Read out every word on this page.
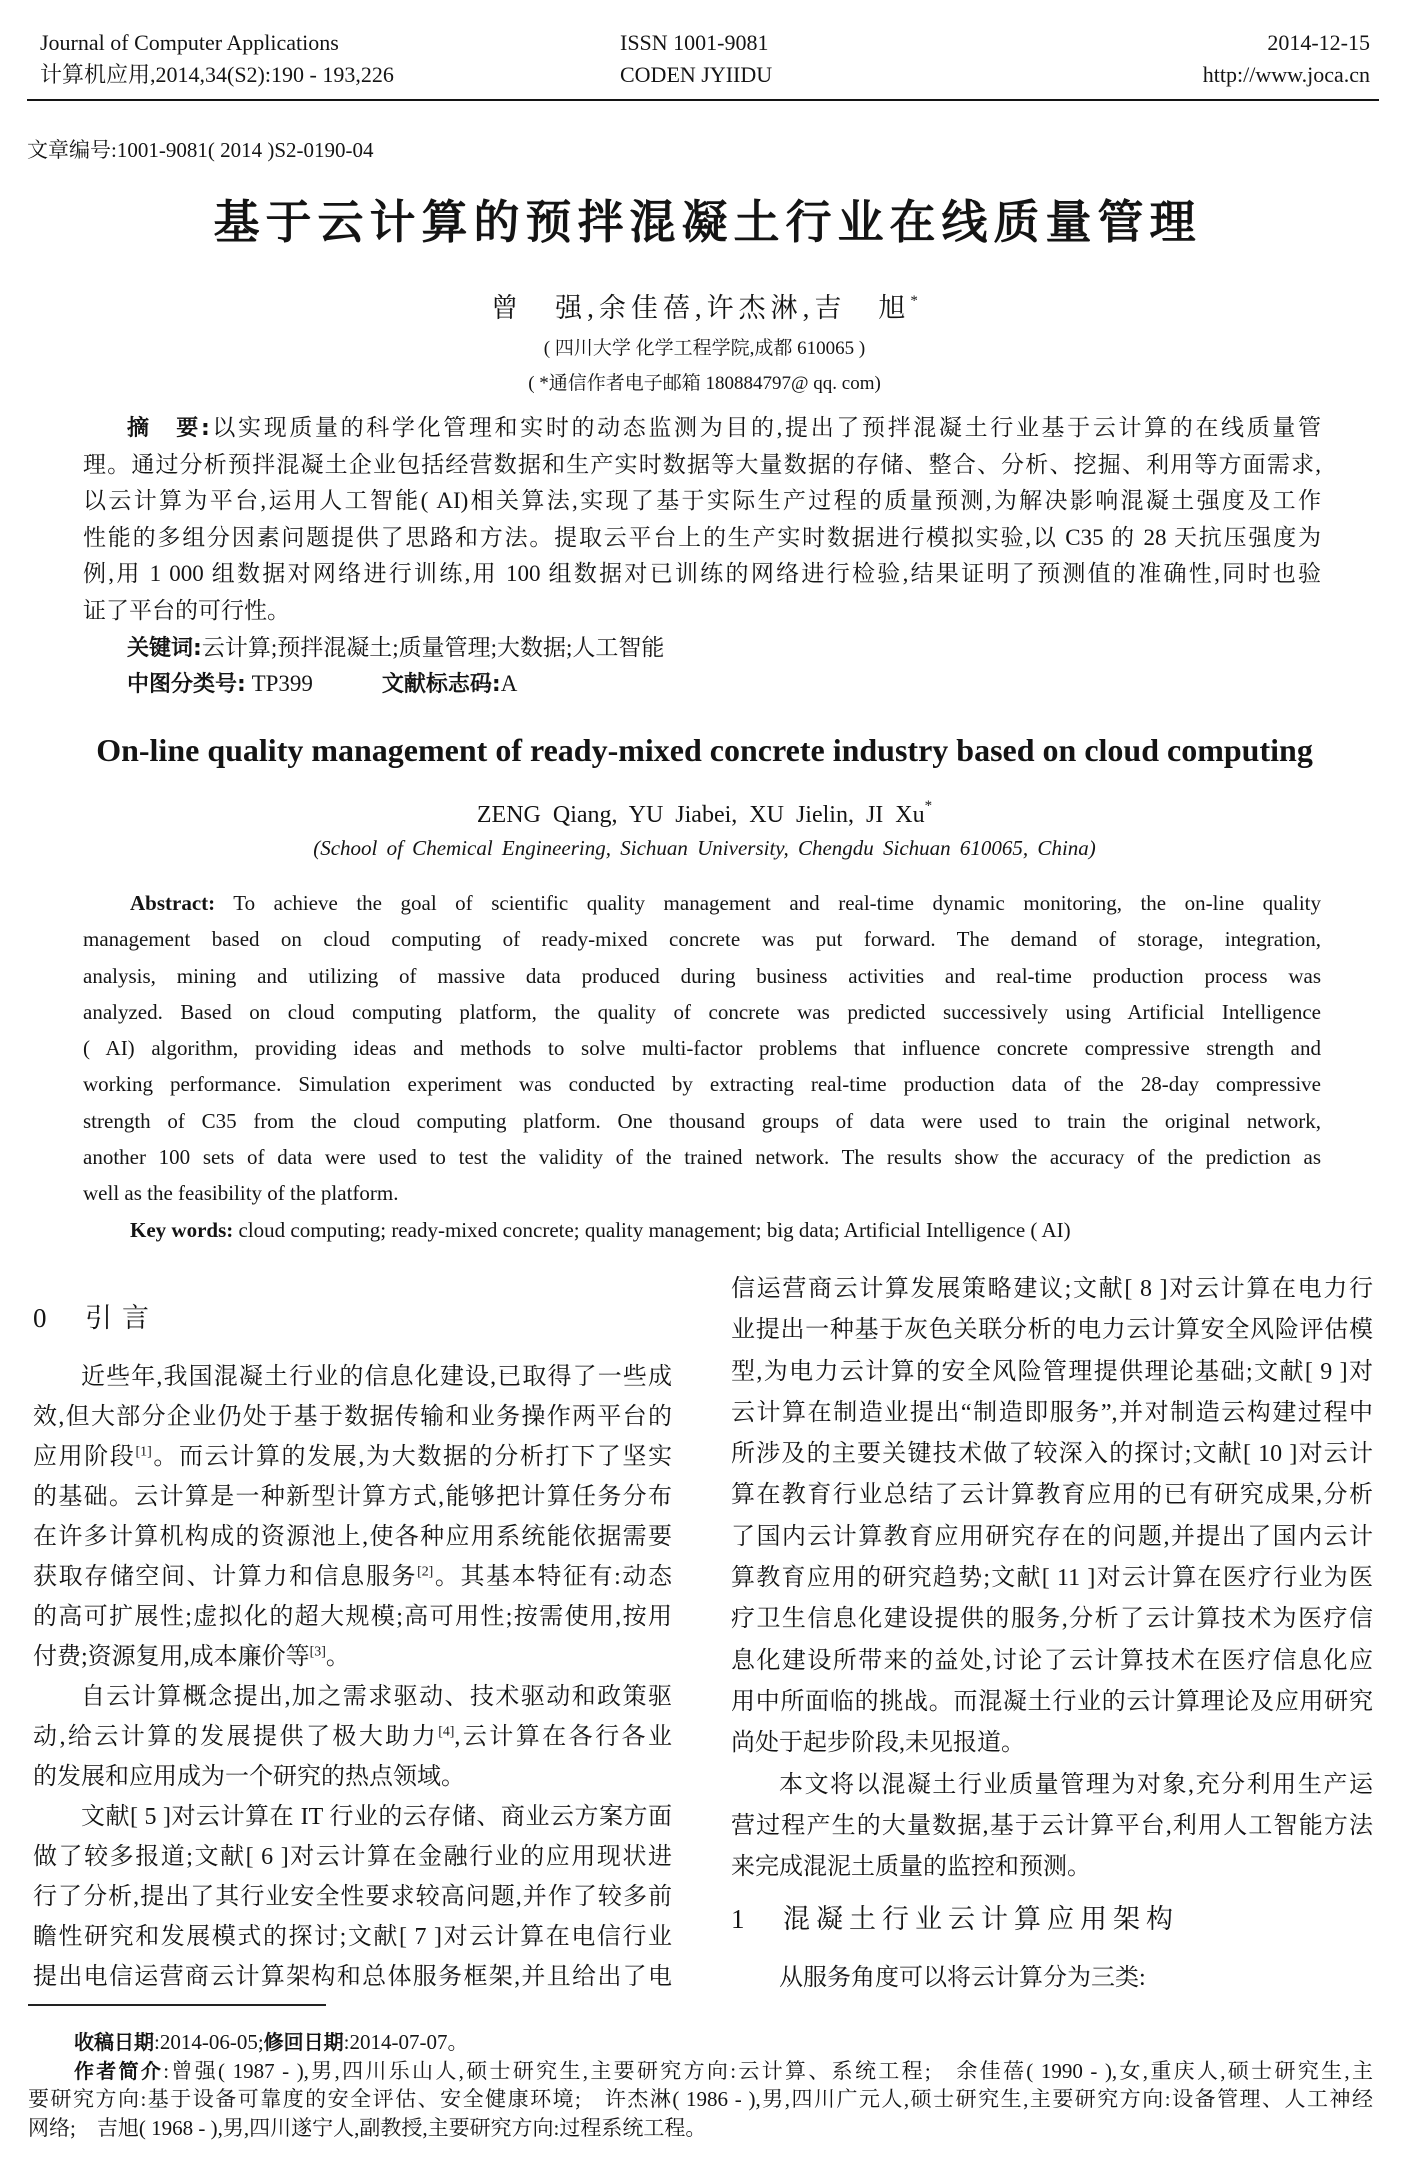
Journal of Computer Applications	ISSN 1001-9081	2014-12-15
计算机应用,2014,34(S2):190 - 193,226	CODEN JYIIDU	http://www.joca.cn
文章编号:1001-9081( 2014 )S2-0190-04
基于云计算的预拌混凝土行业在线质量管理
曾　强,余佳蓓,许杰淋,吉　旭*
( 四川大学 化学工程学院,成都 610065 )
( *通信作者电子邮箱 180884797@ qq. com)
摘　要:以实现质量的科学化管理和实时的动态监测为目的,提出了预拌混凝土行业基于云计算的在线质量管
理。通过分析预拌混凝土企业包括经营数据和生产实时数据等大量数据的存储、整合、分析、挖掘、利用等方面需求,
以云计算为平台,运用人工智能( AI)相关算法,实现了基于实际生产过程的质量预测,为解决影响混凝土强度及工作
性能的多组分因素问题提供了思路和方法。提取云平台上的生产实时数据进行模拟实验,以 C35 的 28 天抗压强度为
例,用 1 000 组数据对网络进行训练,用 100 组数据对已训练的网络进行检验,结果证明了预测值的准确性,同时也验
证了平台的可行性。
关键词:云计算;预拌混凝土;质量管理;大数据;人工智能
中图分类号: TP399　　　文献标志码:A
On-line quality management of ready-mixed concrete industry based on cloud computing
ZENG Qiang, YU Jiabei, XU Jielin, JI Xu*
(School of Chemical Engineering, Sichuan University, Chengdu Sichuan 610065, China)
Abstract: To achieve the goal of scientific quality management and real-time dynamic monitoring, the on-line quality
management based on cloud computing of ready-mixed concrete was put forward. The demand of storage, integration,
analysis, mining and utilizing of massive data produced during business activities and real-time production process was
analyzed. Based on cloud computing platform, the quality of concrete was predicted successively using Artificial Intelligence
( AI) algorithm, providing ideas and methods to solve multi-factor problems that influence concrete compressive strength and
working performance. Simulation experiment was conducted by extracting real-time production data of the 28-day compressive
strength of C35 from the cloud computing platform. One thousand groups of data were used to train the original network,
another 100 sets of data were used to test the validity of the trained network. The results show the accuracy of the prediction as
well as the feasibility of the platform.
Key words: cloud computing; ready-mixed concrete; quality management; big data; Artificial Intelligence ( AI)
0 引言
近些年,我国混凝土行业的信息化建设,已取得了一些成
效,但大部分企业仍处于基于数据传输和业务操作两平台的
应用阶段[1]。而云计算的发展,为大数据的分析打下了坚实
的基础。云计算是一种新型计算方式,能够把计算任务分布
在许多计算机构成的资源池上,使各种应用系统能依据需要
获取存储空间、计算力和信息服务[2]。其基本特征有:动态
的高可扩展性;虚拟化的超大规模;高可用性;按需使用,按用
付费;资源复用,成本廉价等[3]。
自云计算概念提出,加之需求驱动、技术驱动和政策驱
动,给云计算的发展提供了极大助力[4],云计算在各行各业
的发展和应用成为一个研究的热点领域。
文献[ 5 ]对云计算在 IT 行业的云存储、商业云方案方面
做了较多报道;文献[ 6 ]对云计算在金融行业的应用现状进
行了分析,提出了其行业安全性要求较高问题,并作了较多前
瞻性研究和发展模式的探讨;文献[ 7 ]对云计算在电信行业
提出电信运营商云计算架构和总体服务框架,并且给出了电
信运营商云计算发展策略建议;文献[ 8 ]对云计算在电力行
业提出一种基于灰色关联分析的电力云计算安全风险评估模
型,为电力云计算的安全风险管理提供理论基础;文献[ 9 ]对
云计算在制造业提出“制造即服务”,并对制造云构建过程中
所涉及的主要关键技术做了较深入的探讨;文献[ 10 ]对云计
算在教育行业总结了云计算教育应用的已有研究成果,分析
了国内云计算教育应用研究存在的问题,并提出了国内云计
算教育应用的研究趋势;文献[ 11 ]对云计算在医疗行业为医
疗卫生信息化建设提供的服务,分析了云计算技术为医疗信
息化建设所带来的益处,讨论了云计算技术在医疗信息化应
用中所面临的挑战。而混凝土行业的云计算理论及应用研究
尚处于起步阶段,未见报道。
本文将以混凝土行业质量管理为对象,充分利用生产运
营过程产生的大量数据,基于云计算平台,利用人工智能方法
来完成混泥土质量的监控和预测。
1 混凝土行业云计算应用架构
从服务角度可以将云计算分为三类:
收稿日期:2014-06-05;修回日期:2014-07-07。
作者简介:曾强( 1987 - ),男,四川乐山人,硕士研究生,主要研究方向:云计算、系统工程;　余佳蓓( 1990 - ),女,重庆人,硕士研究生,主
要研究方向:基于设备可靠度的安全评估、安全健康环境;　许杰淋( 1986 - ),男,四川广元人,硕士研究生,主要研究方向:设备管理、人工神经
网络;　吉旭( 1968 - ),男,四川遂宁人,副教授,主要研究方向:过程系统工程。
